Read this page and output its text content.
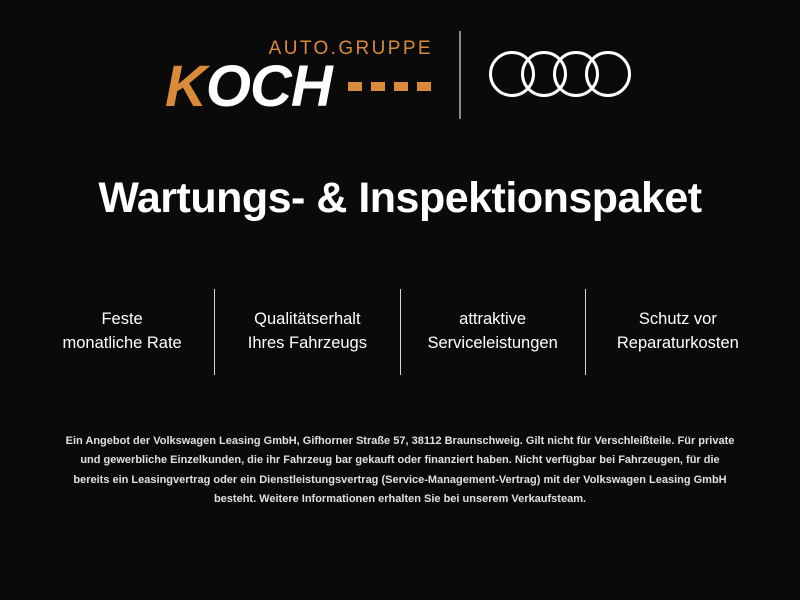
AUTO.GRUPPE
KOCH
Wartungs- & Inspektionspaket
Feste
monatliche Rate
Qualitätserhalt
Ihres Fahrzeugs
attraktive
Serviceleistungen
Schutz vor
Reparaturkosten
Ein Angebot der Volkswagen Leasing GmbH, Gifhorner Straße 57, 38112 Braunschweig. Gilt nicht für Verschleißteile. Für private und gewerbliche Einzelkunden, die ihr Fahrzeug bar gekauft oder finanziert haben. Nicht verfügbar bei Fahrzeugen, für die bereits ein Leasingvertrag oder ein Dienstleistungsvertrag (Service-Management-Vertrag) mit der Volkswagen Leasing GmbH besteht. Weitere Informationen erhalten Sie bei unserem Verkaufsteam.
